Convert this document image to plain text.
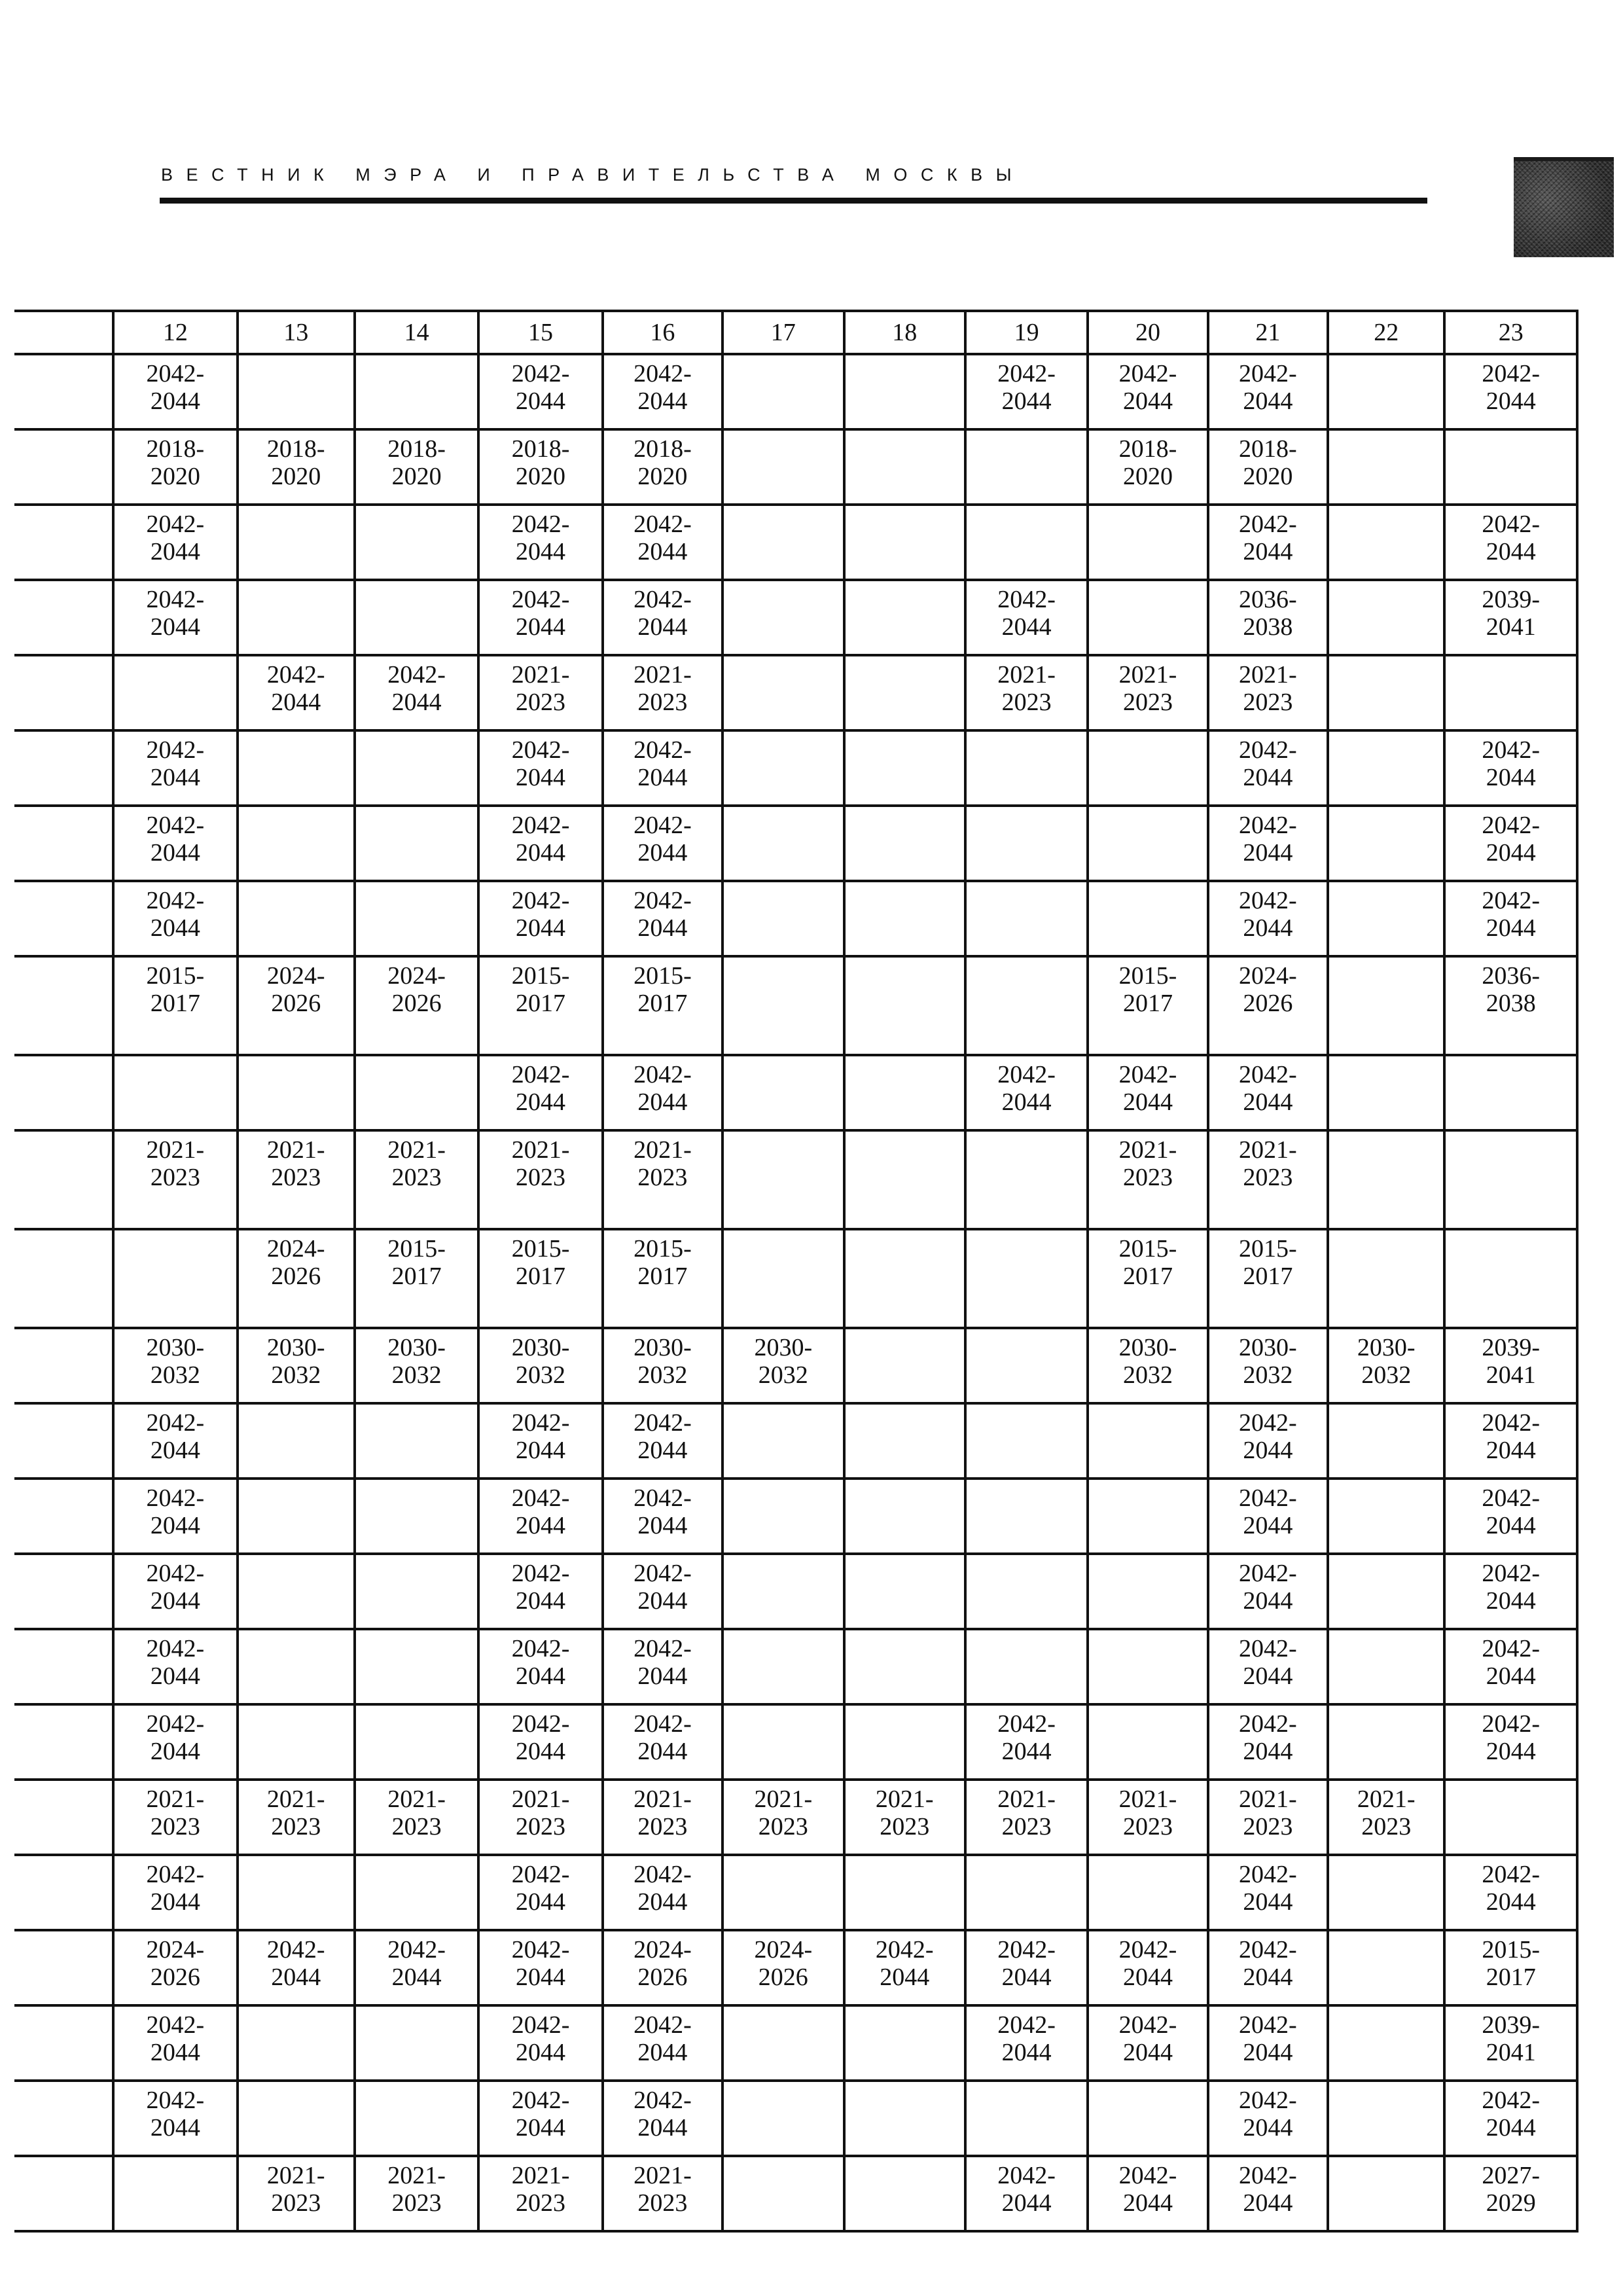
ВЕСТНИК МЭРА И ПРАВИТЕЛЬСТВА МОСКВЫ
	12	13	14	15	16	17	18	19	20	21	22	23

	2042-
2044			2042-
2044	2042-
2044			2042-
2044	2042-
2044	2042-
2044		2042-
2044

	2018-
2020	2018-
2020	2018-
2020	2018-
2020	2018-
2020				2018-
2020	2018-
2020		

	2042-
2044			2042-
2044	2042-
2044					2042-
2044		2042-
2044

	2042-
2044			2042-
2044	2042-
2044			2042-
2044		2036-
2038		2039-
2041

		2042-
2044	2042-
2044	2021-
2023	2021-
2023			2021-
2023	2021-
2023	2021-
2023		

	2042-
2044			2042-
2044	2042-
2044					2042-
2044		2042-
2044

	2042-
2044			2042-
2044	2042-
2044					2042-
2044		2042-
2044

	2042-
2044			2042-
2044	2042-
2044					2042-
2044		2042-
2044

	2015-
2017	2024-
2026	2024-
2026	2015-
2017	2015-
2017				2015-
2017	2024-
2026		2036-
2038

				2042-
2044	2042-
2044			2042-
2044	2042-
2044	2042-
2044		

	2021-
2023	2021-
2023	2021-
2023	2021-
2023	2021-
2023				2021-
2023	2021-
2023		

		2024-
2026	2015-
2017	2015-
2017	2015-
2017				2015-
2017	2015-
2017		

	2030-
2032	2030-
2032	2030-
2032	2030-
2032	2030-
2032	2030-
2032			2030-
2032	2030-
2032	2030-
2032	2039-
2041

	2042-
2044			2042-
2044	2042-
2044					2042-
2044		2042-
2044

	2042-
2044			2042-
2044	2042-
2044					2042-
2044		2042-
2044

	2042-
2044			2042-
2044	2042-
2044					2042-
2044		2042-
2044

	2042-
2044			2042-
2044	2042-
2044					2042-
2044		2042-
2044

	2042-
2044			2042-
2044	2042-
2044			2042-
2044		2042-
2044		2042-
2044

	2021-
2023	2021-
2023	2021-
2023	2021-
2023	2021-
2023	2021-
2023	2021-
2023	2021-
2023	2021-
2023	2021-
2023	2021-
2023	

	2042-
2044			2042-
2044	2042-
2044					2042-
2044		2042-
2044

	2024-
2026	2042-
2044	2042-
2044	2042-
2044	2024-
2026	2024-
2026	2042-
2044	2042-
2044	2042-
2044	2042-
2044		2015-
2017

	2042-
2044			2042-
2044	2042-
2044			2042-
2044	2042-
2044	2042-
2044		2039-
2041

	2042-
2044			2042-
2044	2042-
2044					2042-
2044		2042-
2044

		2021-
2023	2021-
2023	2021-
2023	2021-
2023			2042-
2044	2042-
2044	2042-
2044		2027-
2029
